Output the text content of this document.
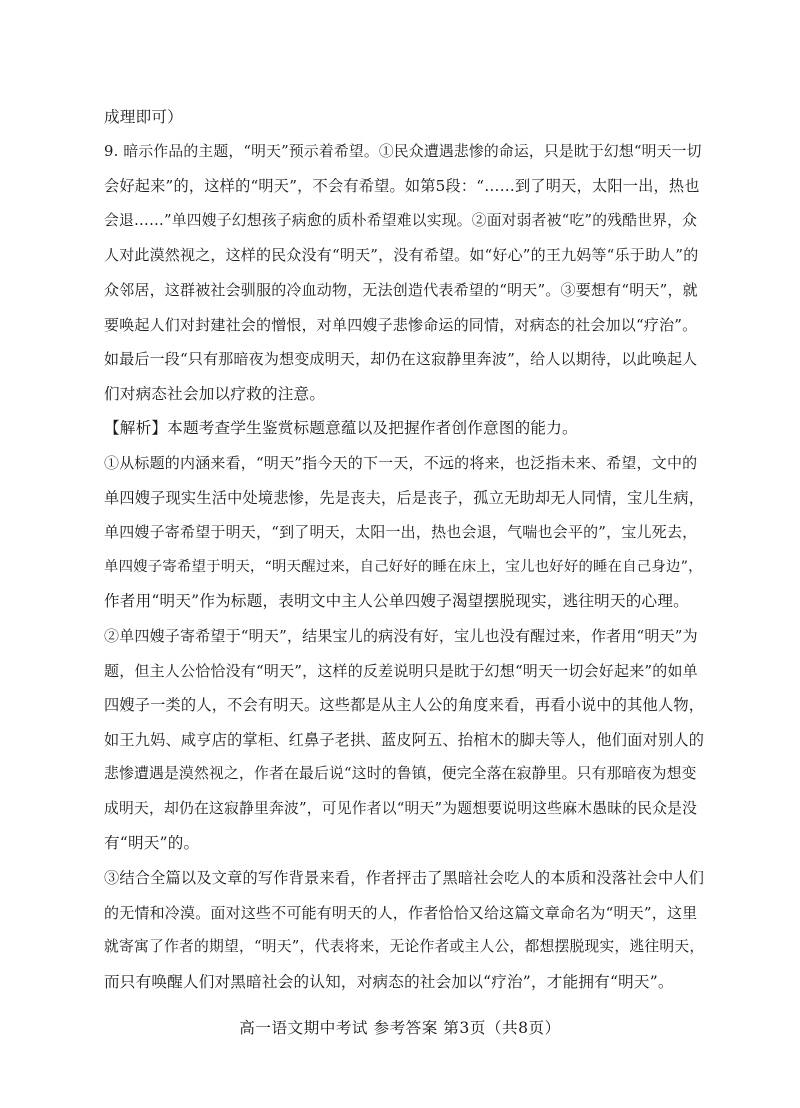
成理即可）
9. 暗示作品的主题，“明天”预示着希望。①民众遭遇悲惨的命运，只是眈于幻想“明天一切
会好起来”的，这样的“明天”，不会有希望。如第5段：“……到了明天，太阳一出，热也
会退……”单四嫂子幻想孩子病愈的质朴希望难以实现。②面对弱者被“吃”的残酷世界，众
人对此漠然视之，这样的民众没有“明天”，没有希望。如“好心”的王九妈等“乐于助人”的
众邻居，这群被社会驯服的冷血动物，无法创造代表希望的“明天”。③要想有“明天”，就
要唤起人们对封建社会的憎恨，对单四嫂子悲惨命运的同情，对病态的社会加以“疗治”。
如最后一段“只有那暗夜为想变成明天，却仍在这寂静里奔波”，给人以期待，以此唤起人
们对病态社会加以疗救的注意。
【解析】本题考查学生鉴赏标题意蕴以及把握作者创作意图的能力。
①从标题的内涵来看，“明天”指今天的下一天，不远的将来，也泛指未来、希望，文中的
单四嫂子现实生活中处境悲惨，先是丧夫，后是丧子，孤立无助却无人同情，宝儿生病，
单四嫂子寄希望于明天，“到了明天，太阳一出，热也会退，气喘也会平的”，宝儿死去，
单四嫂子寄希望于明天，“明天醒过来，自己好好的睡在床上，宝儿也好好的睡在自己身边”，
作者用“明天”作为标题，表明文中主人公单四嫂子渴望摆脱现实，逃往明天的心理。
②单四嫂子寄希望于“明天”，结果宝儿的病没有好，宝儿也没有醒过来，作者用“明天”为
题，但主人公恰恰没有“明天”，这样的反差说明只是眈于幻想“明天一切会好起来”的如单
四嫂子一类的人，不会有明天。这些都是从主人公的角度来看，再看小说中的其他人物，
如王九妈、咸亨店的掌柜、红鼻子老拱、蓝皮阿五、抬棺木的脚夫等人，他们面对别人的
悲惨遭遇是漠然视之，作者在最后说“这时的鲁镇，便完全落在寂静里。只有那暗夜为想变
成明天，却仍在这寂静里奔波”，可见作者以“明天”为题想要说明这些麻木愚昧的民众是没
有“明天”的。
③结合全篇以及文章的写作背景来看，作者抨击了黑暗社会吃人的本质和没落社会中人们
的无情和冷漠。面对这些不可能有明天的人，作者恰恰又给这篇文章命名为“明天”，这里
就寄寓了作者的期望，“明天”，代表将来，无论作者或主人公，都想摆脱现实，逃往明天，
而只有唤醒人们对黑暗社会的认知，对病态的社会加以“疗治”，才能拥有“明天”。

高一语文期中考试 参考答案 第3页（共8页）
